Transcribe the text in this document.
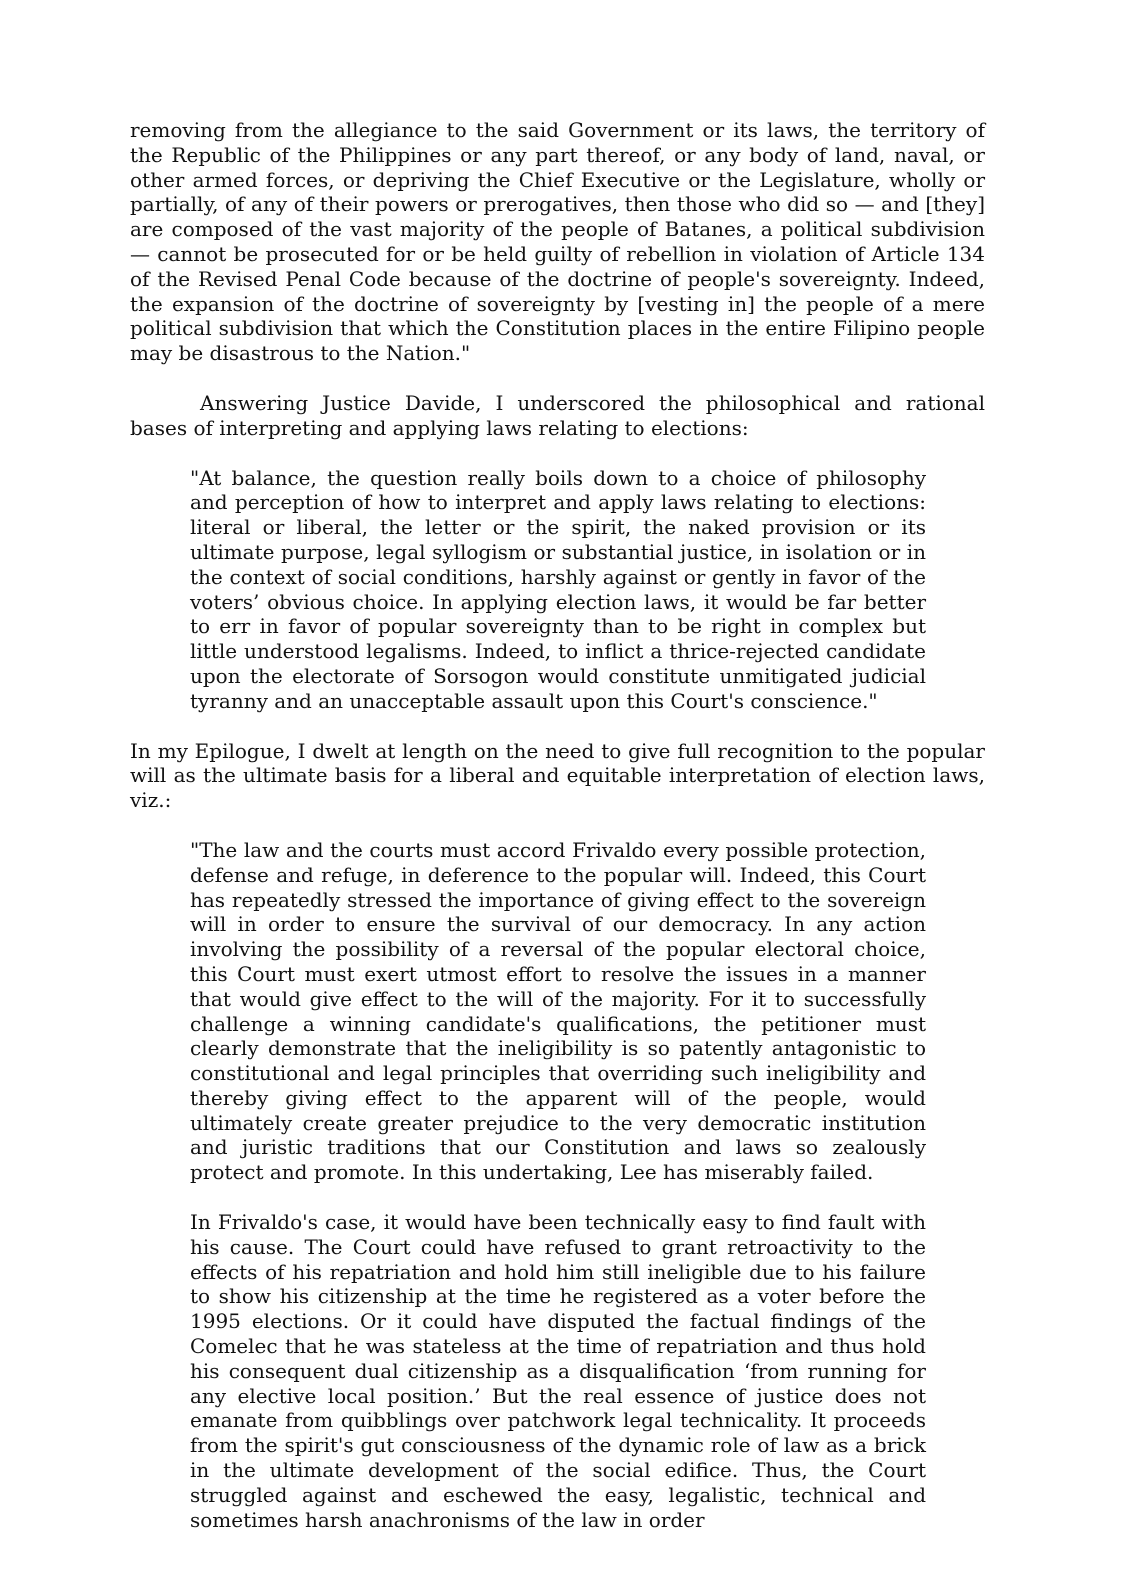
removing from the allegiance to the said Government or its laws, the territory of the Republic of the Philippines or any part thereof, or any body of land, naval, or other armed forces, or depriving the Chief Executive or the Legislature, wholly or partially, of any of their powers or prerogatives, then those who did so — and [they] are composed of the vast majority of the people of Batanes, a political subdivision — cannot be prosecuted for or be held guilty of rebellion in violation of Article 134 of the Revised Penal Code because of the doctrine of people's sovereignty. Indeed, the expansion of the doctrine of sovereignty by [vesting in] the people of a mere political subdivision that which the Constitution places in the entire Filipino people may be disastrous to the Nation."

Answering Justice Davide, I underscored the philosophical and rational bases of interpreting and applying laws relating to elections:

"At balance, the question really boils down to a choice of philosophy and perception of how to interpret and apply laws relating to elections: literal or liberal, the letter or the spirit, the naked provision or its ultimate purpose, legal syllogism or substantial justice, in isolation or in the context of social conditions, harshly against or gently in favor of the voters’ obvious choice. In applying election laws, it would be far better to err in favor of popular sovereignty than to be right in complex but little understood legalisms. Indeed, to inflict a thrice-rejected candidate upon the electorate of Sorsogon would constitute unmitigated judicial tyranny and an unacceptable assault upon this Court's conscience."

In my Epilogue, I dwelt at length on the need to give full recognition to the popular will as the ultimate basis for a liberal and equitable interpretation of election laws, viz.:

"The law and the courts must accord Frivaldo every possible protection, defense and refuge, in deference to the popular will. Indeed, this Court has repeatedly stressed the importance of giving effect to the sovereign will in order to ensure the survival of our democracy. In any action involving the possibility of a reversal of the popular electoral choice, this Court must exert utmost effort to resolve the issues in a manner that would give effect to the will of the majority. For it to successfully challenge a winning candidate's qualifications, the petitioner must clearly demonstrate that the ineligibility is so patently antagonistic to constitutional and legal principles that overriding such ineligibility and thereby giving effect to the apparent will of the people, would ultimately create greater prejudice to the very democratic institution and juristic traditions that our Constitution and laws so zealously protect and promote. In this undertaking, Lee has miserably failed.

In Frivaldo's case, it would have been technically easy to find fault with his cause. The Court could have refused to grant retroactivity to the effects of his repatriation and hold him still ineligible due to his failure to show his citizenship at the time he registered as a voter before the 1995 elections. Or it could have disputed the factual findings of the Comelec that he was stateless at the time of repatriation and thus hold his consequent dual citizenship as a disqualification ‘from running for any elective local position.’ But the real essence of justice does not emanate from quibblings over patchwork legal technicality. It proceeds from the spirit's gut consciousness of the dynamic role of law as a brick in the ultimate development of the social edifice. Thus, the Court struggled against and eschewed the easy, legalistic, technical and sometimes harsh anachronisms of the law in order
